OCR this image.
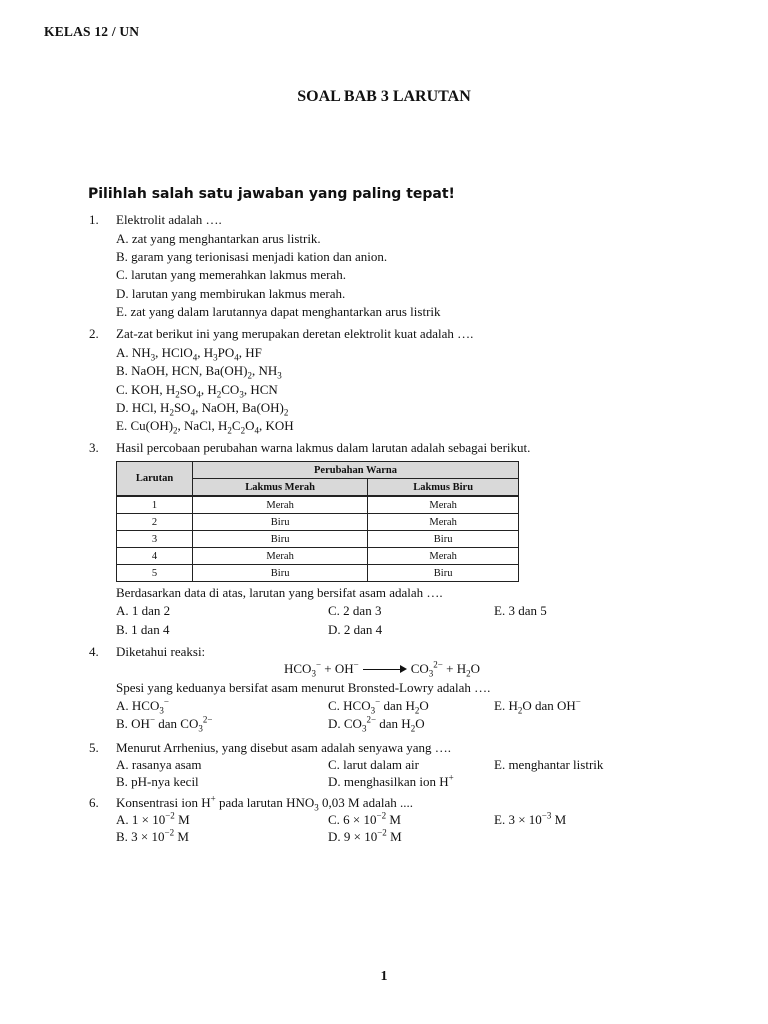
KELAS 12 / UN
SOAL BAB 3 LARUTAN
Pilihlah salah satu jawaban yang paling tepat!
1. Elektrolit adalah ….
A. zat yang menghantarkan arus listrik.
B. garam yang terionisasi menjadi kation dan anion.
C. larutan yang memerahkan lakmus merah.
D. larutan yang membirukan lakmus merah.
E. zat yang dalam larutannya dapat menghantarkan arus listrik
2. Zat-zat berikut ini yang merupakan deretan elektrolit kuat adalah ….
A. $NH_3$, HClO$_4$, $H_3PO_4$, HF
B. NaOH, HCN, $Ba(OH)_2$, $NH_3$
C. KOH, $H_2SO_4$, $H_2CO_3$, HCN
D. HCl, $H_2SO_4$, NaOH, $Ba(OH)_2$
E. $Cu(OH)_2$, NaCl, $H_2C_2O_4$, KOH
3. Hasil percobaan perubahan warna lakmus dalam larutan adalah sebagai berikut.
Larutan	Perubahan Warna	
	Lakmus Merah	Lakmus Biru
1	Merah	Merah
2	Biru	Merah
3	Biru	Biru
4	Merah	Merah
5	Biru	Biru
Berdasarkan data di atas, larutan yang bersifat asam adalah ….
A. 1 dan 2	C. 2 dan 3	E. 3 dan 5
B. 1 dan 4	D. 2 dan 4
4. Diketahui reaksi:
$HCO_3^- + OH^-$	$CO_3^{2-} + H_2O$
Spesi yang keduanya bersifat asam menurut Bronsted-Lowry adalah ….
A. $HCO_3^-$	C. $HCO_3^-$ dan $H_2O$	E. $H_2O$ dan OH−
B. OH− dan $CO_3^{2-}$	D. $CO_3^{2-}$ dan $H_2O$
5. Menurut Arrhenius, yang disebut asam adalah senyawa yang ….
A. rasanya asam	C. larut dalam air	E. menghantar listrik
B. pH-nya kecil	D. menghasilkan ion H+
6. Konsentrasi ion H+ pada larutan $HNO_3$ 0,03 M adalah ....
A. $1 \times 10^{-2}$ M	C. $6 \times 10^{-2}$ M	E. $3 \times 10^{-3}$ M
B. $3 \times 10^{-2}$ M	D. $9 \times 10^{-2}$ M
1
